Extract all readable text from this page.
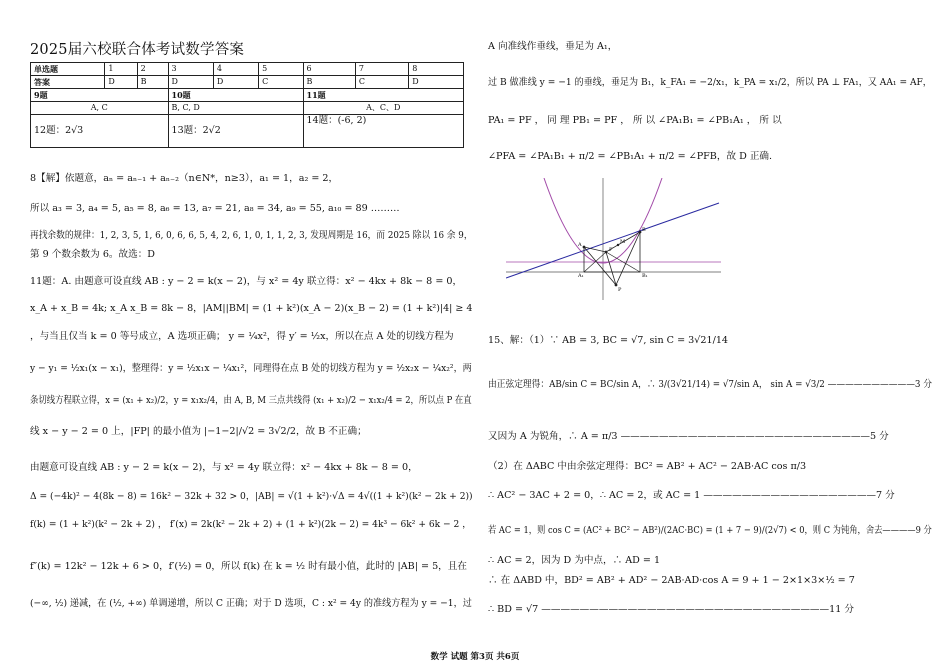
2025届六校联合体考试数学答案
单选题	1	2	3	4	5	6	7	8
答案	D	B	D	D	C	B	C	D
9题			10题			11题		
A, C			B, C, D			A、C、D		
12题：2√3			13题：2√2			14题：(-6, 2)		
8【解】依题意，aₙ = aₙ₋₁ + aₙ₋₂（n∈N*，n≥3），a₁ = 1，a₂ = 2，
所以 a₃ = 3, a₄ = 5, a₅ = 8, a₆ = 13, a₇ = 21, a₈ = 34, a₉ = 55, a₁₀ = 89 ………
再找余数的规律：1, 2, 3, 5, 1, 6, 0, 6, 6, 5, 4, 2, 6, 1, 0, 1, 1, 2, 3, 发现周期是 16，而 2025 除以 16 余 9，
第 9 个数余数为 6。故选：D
11题：A. 由题意可设直线 AB : y − 2 = k(x − 2)，与 x² = 4y 联立得：x² − 4kx + 8k − 8 = 0，
x_A + x_B = 4k; x_A x_B = 8k − 8，|AM||BM| = (1 + k²)(x_A − 2)(x_B − 2) = (1 + k²)|4| ≥ 4
，与当且仅当 k = 0 等号成立，A 选项正确； y = ¼x²，得 y′ = ½x，所以在点 A 处的切线方程为
y − y₁ = ½x₁(x − x₁)，整理得：y = ½x₁x − ¼x₁²，同理得在点 B 处的切线方程为 y = ½x₂x − ¼x₂²，两
条切线方程联立得，x = (x₁ + x₂)/2，y = x₁x₂/4，由 A, B, M 三点共线得 (x₁ + x₂)/2 − x₁x₂/4 = 2，所以点 P 在直
线 x − y − 2 = 0 上，|FP| 的最小值为 |−1−2|/√2 = 3√2/2，故 B 不正确；
由题意可设直线 AB : y − 2 = k(x − 2)，与 x² = 4y 联立得：x² − 4kx + 8k − 8 = 0，
Δ = (−4k)² − 4(8k − 8) = 16k² − 32k + 32 > 0，|AB| = √(1 + k²)·√Δ = 4√((1 + k²)(k² − 2k + 2))
f(k) = (1 + k²)(k² − 2k + 2) ， f′(x) = 2k(k² − 2k + 2) + (1 + k²)(2k − 2) = 4k³ − 6k² + 6k − 2 ，
f″(k) = 12k² − 12k + 6 > 0，f′(½) = 0，所以 f(k) 在 k = ½ 时有最小值，此时的 |AB| = 5，且在
(−∞, ½) 递减，在 (½, +∞) 单调递增，所以 C 正确；对于 D 选项，C : x² = 4y 的准线方程为 y = −1，过
A 向准线作垂线，垂足为 A₁，
过 B 做准线 y = −1 的垂线，垂足为 B₁，k_FA₁ = −2/x₁，k_PA = x₁/2，所以 PA ⊥ FA₁，又 AA₁ = AF，
PA₁ = PF ， 同 理 PB₁ = PF ， 所 以 ∠PA₁B₁ = ∠PB₁A₁ ， 所 以
∠PFA = ∠PA₁B₁ + π/2 = ∠PB₁A₁ + π/2 = ∠PFB，故 D 正确.
A₁	B₁
A
B
F
P
M
15、解：（1）∵ AB = 3, BC = √7, sin C = 3√21/14
由正弦定理得：AB/sin C = BC/sin A，∴ 3/(3√21/14) = √7/sin A， sin A = √3/2 ——————————3 分
又因为 A 为锐角，∴ A = π/3 ——————————————————————————5 分
（2）在 ΔABC 中由余弦定理得：BC² = AB² + AC² − 2AB·AC cos π/3
∴ AC² − 3AC + 2 = 0，∴ AC = 2，或 AC = 1 ——————————————————7 分
若 AC = 1，则 cos C = (AC² + BC² − AB²)/(2AC·BC) = (1 + 7 − 9)/(2√7) < 0，则 C 为钝角，舍去————9 分
∴ AC = 2，因为 D 为中点，∴ AD = 1
∴ 在 ΔABD 中，BD² = AB² + AD² − 2AB·AD·cos A = 9 + 1 − 2×1×3×½ = 7
∴ BD = √7 ——————————————————————————————11 分
数学 试题 第3页 共6页
